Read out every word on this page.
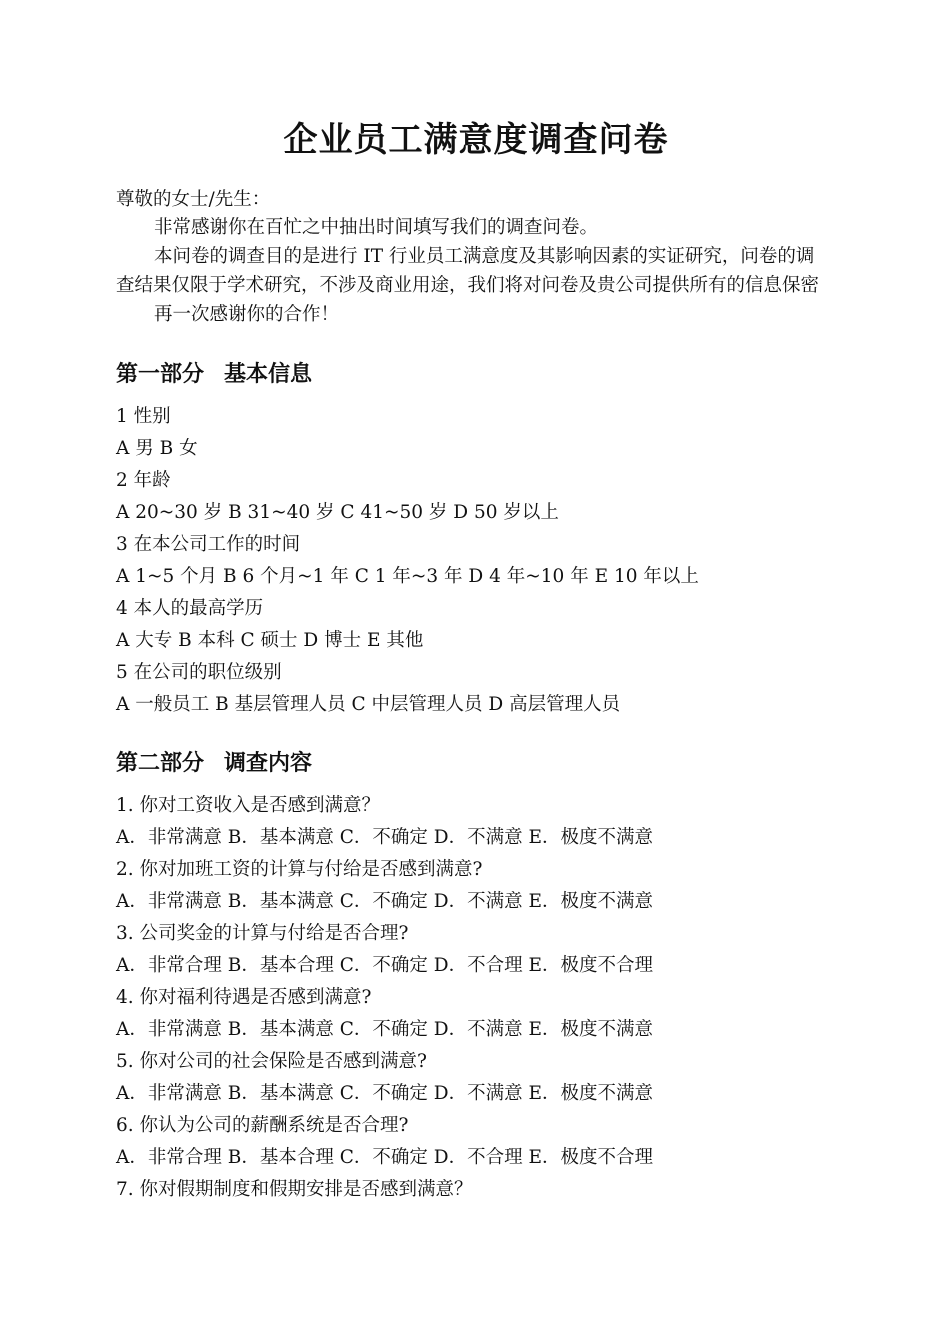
企业员工满意度调查问卷
尊敬的女士/先生：
非常感谢你在百忙之中抽出时间填写我们的调查问卷。
本问卷的调查目的是进行 IT 行业员工满意度及其影响因素的实证研究，问卷的调
查结果仅限于学术研究，不涉及商业用途，我们将对问卷及贵公司提供所有的信息保密
再一次感谢你的合作！
第一部分 基本信息
1 性别
A 男 B 女
2 年龄
A 20~30 岁 B 31~40 岁 C 41~50 岁 D 50 岁以上
3 在本公司工作的时间
A 1~5 个月 B 6 个月~1 年 C 1 年~3 年 D 4 年~10 年 E 10 年以上
4 本人的最高学历
A 大专 B 本科 C 硕士 D 博士 E 其他
5 在公司的职位级别
A 一般员工 B 基层管理人员 C 中层管理人员 D 高层管理人员
第二部分 调查内容
1. 你对工资收入是否感到满意？
A．非常满意 B．基本满意 C．不确定 D．不满意 E．极度不满意
2. 你对加班工资的计算与付给是否感到满意?
A．非常满意 B．基本满意 C．不确定 D．不满意 E．极度不满意
3. 公司奖金的计算与付给是否合理?
A．非常合理 B．基本合理 C．不确定 D．不合理 E．极度不合理
4. 你对福利待遇是否感到满意?
A．非常满意 B．基本满意 C．不确定 D．不满意 E．极度不满意
5. 你对公司的社会保险是否感到满意?
A．非常满意 B．基本满意 C．不确定 D．不满意 E．极度不满意
6. 你认为公司的薪酬系统是否合理?
A．非常合理 B．基本合理 C．不确定 D．不合理 E．极度不合理
7. 你对假期制度和假期安排是否感到满意？
